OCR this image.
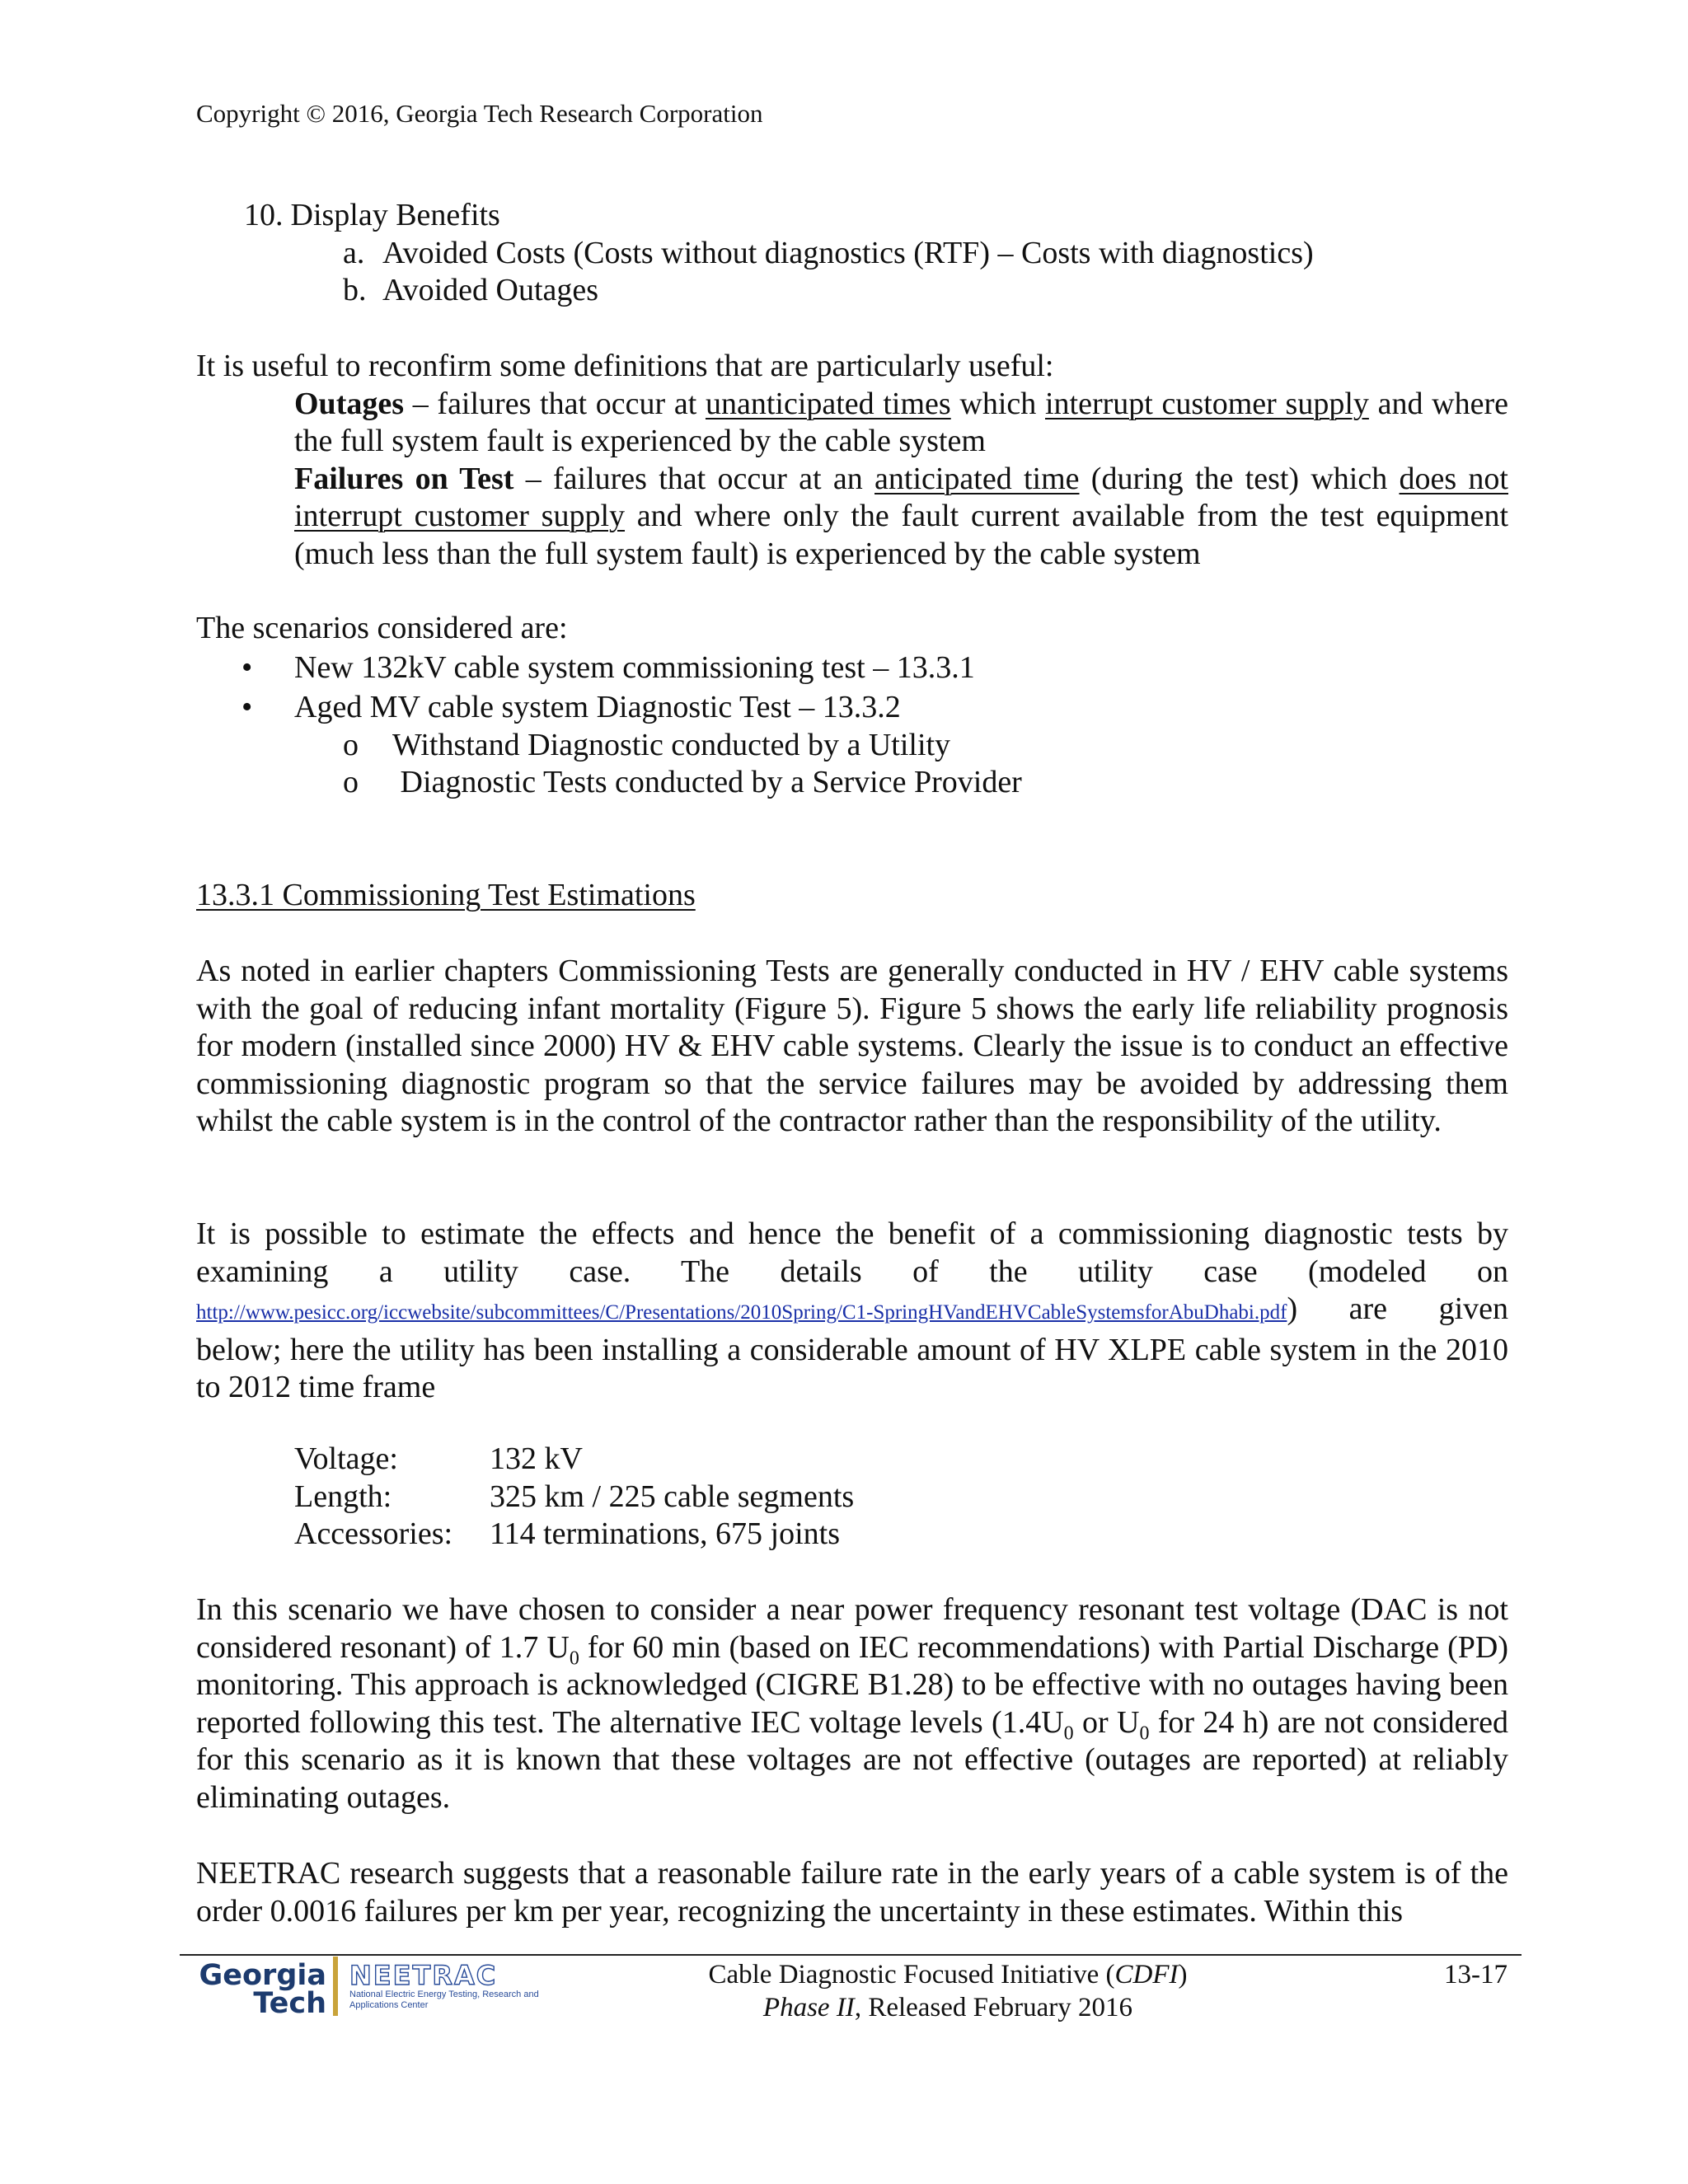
Copyright © 2016, Georgia Tech Research Corporation
10. Display Benefits
a. Avoided Costs (Costs without diagnostics (RTF) – Costs with diagnostics)
b. Avoided Outages
It is useful to reconfirm some definitions that are particularly useful:
Outages – failures that occur at unanticipated times which interrupt customer supply and where the full system fault is experienced by the cable system
Failures on Test – failures that occur at an anticipated time (during the test) which does not interrupt customer supply and where only the fault current available from the test equipment (much less than the full system fault) is experienced by the cable system
The scenarios considered are:
•	New 132kV cable system commissioning test – 13.3.1
•	Aged MV cable system Diagnostic Test – 13.3.2
o	Withstand Diagnostic conducted by a Utility
o	Diagnostic Tests conducted by a Service Provider
13.3.1 Commissioning Test Estimations
As noted in earlier chapters Commissioning Tests are generally conducted in HV / EHV cable systems with the goal of reducing infant mortality (Figure 5). Figure 5 shows the early life reliability prognosis for modern (installed since 2000) HV & EHV cable systems. Clearly the issue is to conduct an effective commissioning diagnostic program so that the service failures may be avoided by addressing them whilst the cable system is in the control of the contractor rather than the responsibility of the utility.
It is possible to estimate the effects and hence the benefit of a commissioning diagnostic tests by examining a utility case. The details of the utility case (modeled on http://www.pesicc.org/iccwebsite/subcommittees/C/Presentations/2010Spring/C1-SpringHVandEHVCableSystemsforAbuDhabi.pdf) are given below; here the utility has been installing a considerable amount of HV XLPE cable system in the 2010 to 2012 time frame
Voltage:	132 kV
Length:	325 km / 225 cable segments
Accessories:	114 terminations, 675 joints
In this scenario we have chosen to consider a near power frequency resonant test voltage (DAC is not considered resonant) of 1.7 $U_0$ for 60 min (based on IEC recommendations) with Partial Discharge (PD) monitoring. This approach is acknowledged (CIGRE B1.28) to be effective with no outages having been reported following this test. The alternative IEC voltage levels ($1.4U_0$ or $U_0$ for 24 h) are not considered for this scenario as it is known that these voltages are not effective (outages are reported) at reliably eliminating outages.
NEETRAC research suggests that a reasonable failure rate in the early years of a cable system is of the order 0.0016 failures per km per year, recognizing the uncertainty in these estimates. Within this
Georgia
Tech
NEETRAC
National Electric Energy Testing, Research and Applications Center
Cable Diagnostic Focused Initiative (CDFI)
Phase II, Released February 2016
13-17
